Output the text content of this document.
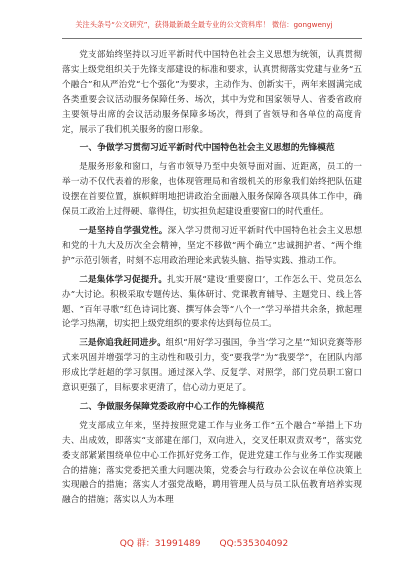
关注头条号“公文研究”，获得最新最全最专业的公文资料库！ 微信：gongwenyj

党支部始终坚持以习近平新时代中国特色社会主义思想为统领，认真贯彻落实上级党组织关于先锋支部建设的标准和要求，认真贯彻落实党建与业务“五个融合”和从严治党“七个强化”为要求，主动作为、创新实干，两年来圆满完成各类重要会议活动服务保障任务、场次，其中为党和国家领导人、省委省政府主要领导出席的会议活动服务保障多场次，得到了省领导和各单位的高度肯定，展示了我们机关服务的窗口形象。

一、争做学习贯彻习近平新时代中国特色社会主义思想的先锋模范

是服务形象和窗口，与省市领导乃至中央领导面对面、近距离，员工的一举一动不仅代表着的形象，也体现管理局和省级机关的形象我们始终把队伍建设摆在首要位置，旗帜鲜明地把讲政治全面融入服务保障各项具体工作中，确保员工政治上过得硬、靠得住，切实担负起建设重要窗口的时代重任。

一是坚持自学强党性。深入学习贯彻习近平新时代中国特色社会主义思想和党的十九大及历次全会精神，坚定不移做“两个确立”忠诚拥护者、“两个维护”示范引领者，时刻不忘用政治理论来武装头脑、指导实践、推动工作。

二是集体学习促提升。扎实开展“建设‘重要窗口’，工作怎么干、党员怎么办”大讨论。积极采取专题传达、集体研讨、党课教育辅导、主题党日、线上答题、“百年寻歌”红色诗词比赛、撰写体会等“八个一”学习举措共余条，掀起理论学习热潮，切实把上级党组织的要求传达到每位员工。

三是你追我赶同进步。组织“用好学习强国，争当‘学习之星’”知识竞赛等形式来巩固并增强学习的主动性和吸引力，变“要我学”为“我要学”，在团队内部形成比学赶超的学习氛围。通过深入学、反复学、对照学，部门党员职工窗口意识更强了，目标要求更清了，信心动力更足了。

二、争做服务保障党委政府中心工作的先锋模范

党支部成立年来，坚持按照党建工作与业务工作“五个融合”举措上下功夫、出成效，即落实“支部建在部门，双向进入，交叉任职双责双考”，落实党委支部紧紧围绕单位中心工作抓好党务工作，促进党建工作与业务工作实现融合的措施；落实党委把关重大问题决策，党委会与行政办公会议在单位决策上实现融合的措施；落实人才强党战略，聘用管理人员与员工队伍教育培养实现融合的措施；落实以人为本理

QQ 群：31991489 QQ:535304092
